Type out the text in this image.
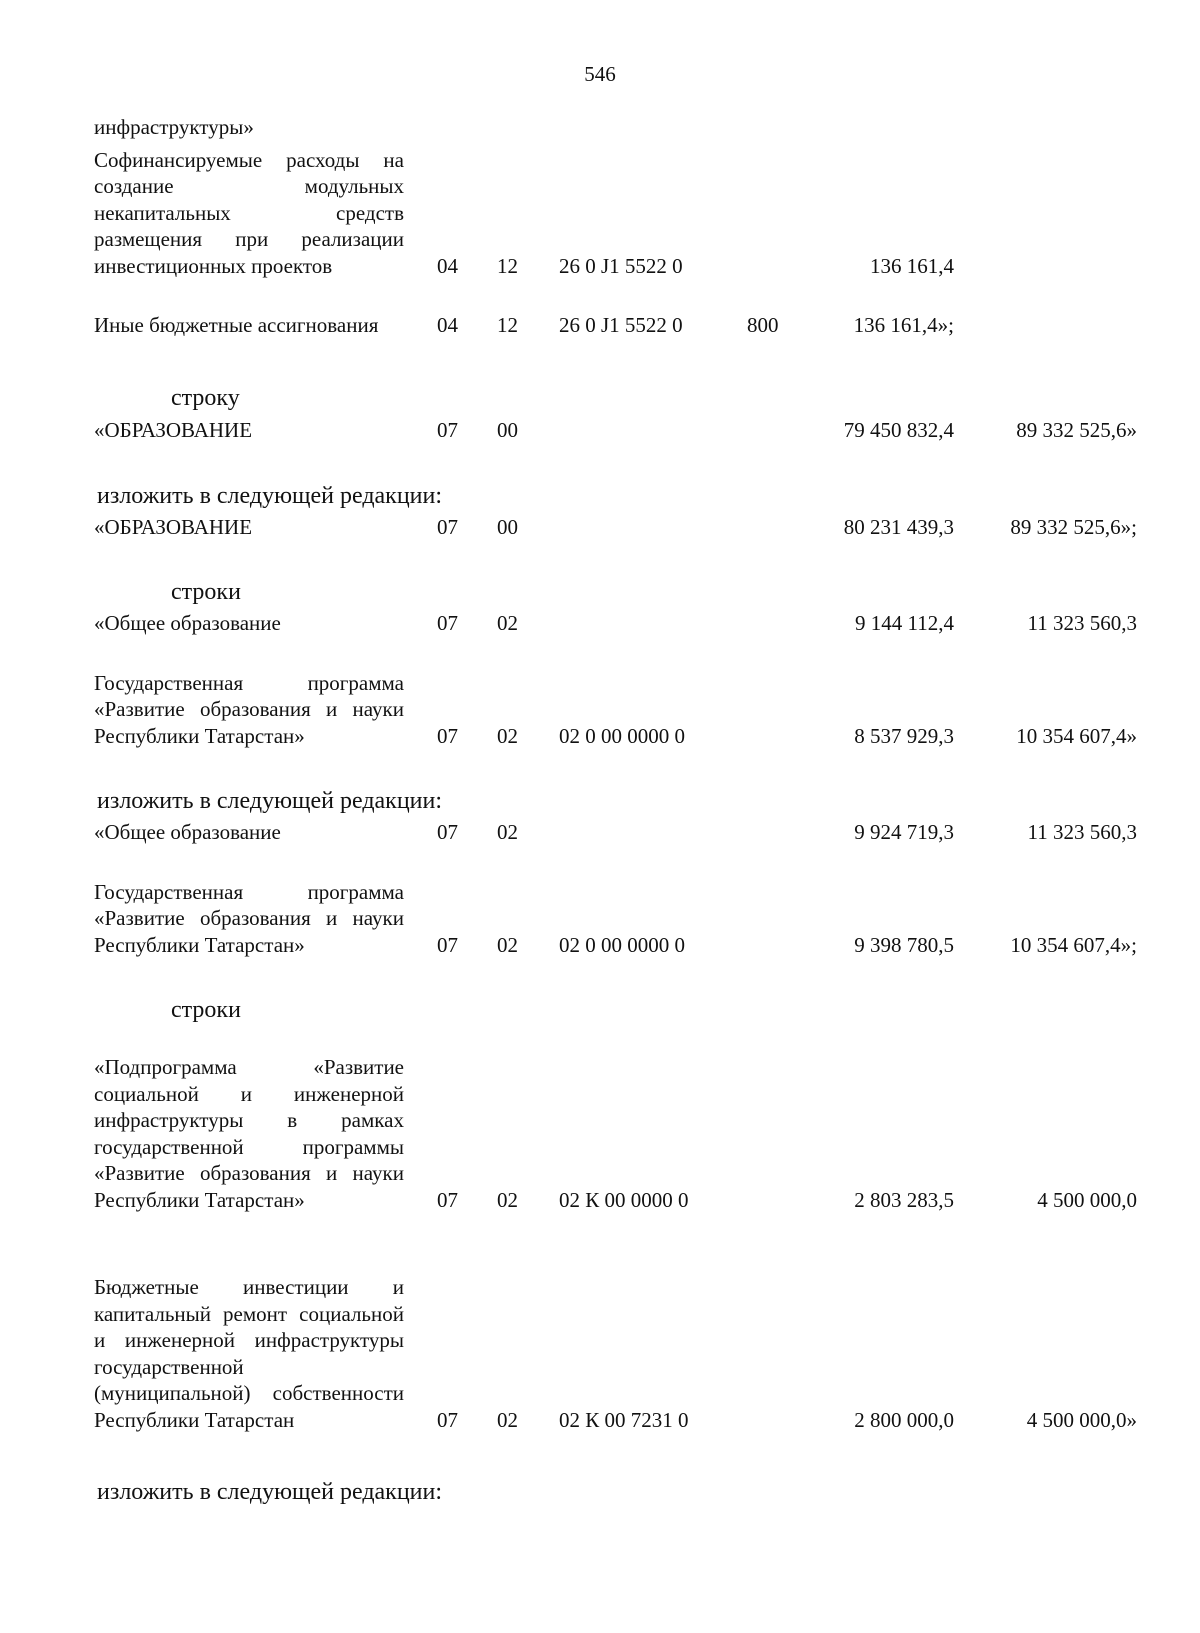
546
инфраструктуры»
Софинансируемые расходы на создание модульных некапитальных средств размещения при реализации инвестиционных проектов	04 12 26 0 J1 5522 0	136 161,4
Иные бюджетные ассигнования	04 12 26 0 J1 5522 0	800	136 161,4»;
строку
«ОБРАЗОВАНИЕ	07 00	79 450 832,4	89 332 525,6»
изложить в следующей редакции:
«ОБРАЗОВАНИЕ	07 00	80 231 439,3	89 332 525,6»;
строки
«Общее образование	07 02	9 144 112,4	11 323 560,3
Государственная программа «Развитие образования и науки Республики Татарстан»	07 02 02 0 00 0000 0	8 537 929,3	10 354 607,4»
изложить в следующей редакции:
«Общее образование	07 02	9 924 719,3	11 323 560,3
Государственная программа «Развитие образования и науки Республики Татарстан»	07 02 02 0 00 0000 0	9 398 780,5	10 354 607,4»;
строки
«Подпрограмма «Развитие социальной и инженерной инфраструктуры в рамках государственной программы «Развитие образования и науки Республики Татарстан»	07 02 02 К 00 0000 0	2 803 283,5	4 500 000,0
Бюджетные инвестиции и капитальный ремонт социальной и инженерной инфраструктуры государственной (муниципальной) собственности Республики Татарстан	07 02 02 К 00 7231 0	2 800 000,0	4 500 000,0»
изложить в следующей редакции:
